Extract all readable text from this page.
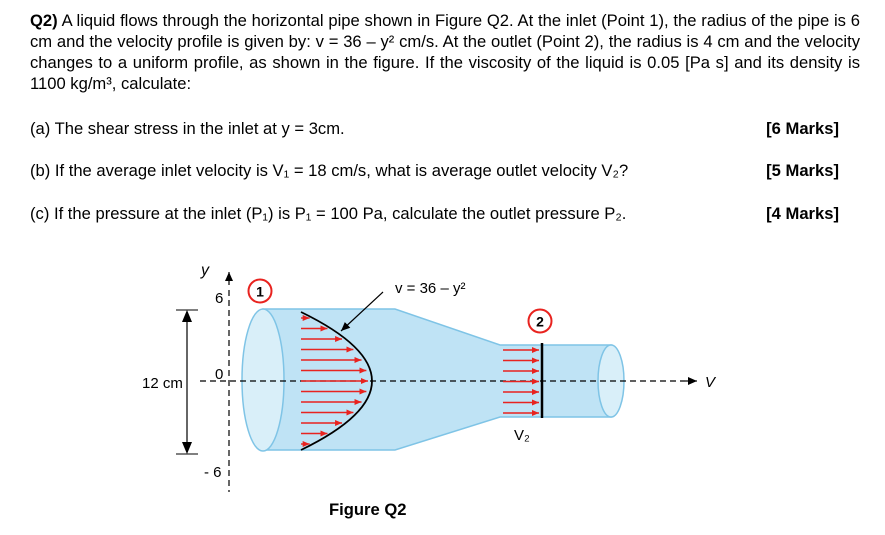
Q2) A liquid flows through the horizontal pipe shown in Figure Q2. At the inlet (Point 1), the radius of the pipe is 6 cm and the velocity profile is given by: v = 36 – y² cm/s. At the outlet (Point 2), the radius is 4 cm and the velocity changes to a uniform profile, as shown in the figure. If the viscosity of the liquid is 0.05 [Pa s] and its density is 1100 kg/m³, calculate:
(a) The shear stress in the inlet at y = 3cm.	[6 Marks]
(b) If the average inlet velocity is V₁ = 18 cm/s, what is average outlet velocity V₂?	[5 Marks]
(c) If the pressure at the inlet (P₁) is P₁ = 100 Pa, calculate the outlet pressure P₂.	[4 Marks]
1
2
y
6
0
- 6
12 cm
v = 36 – y²
V₂
V
Figure Q2
